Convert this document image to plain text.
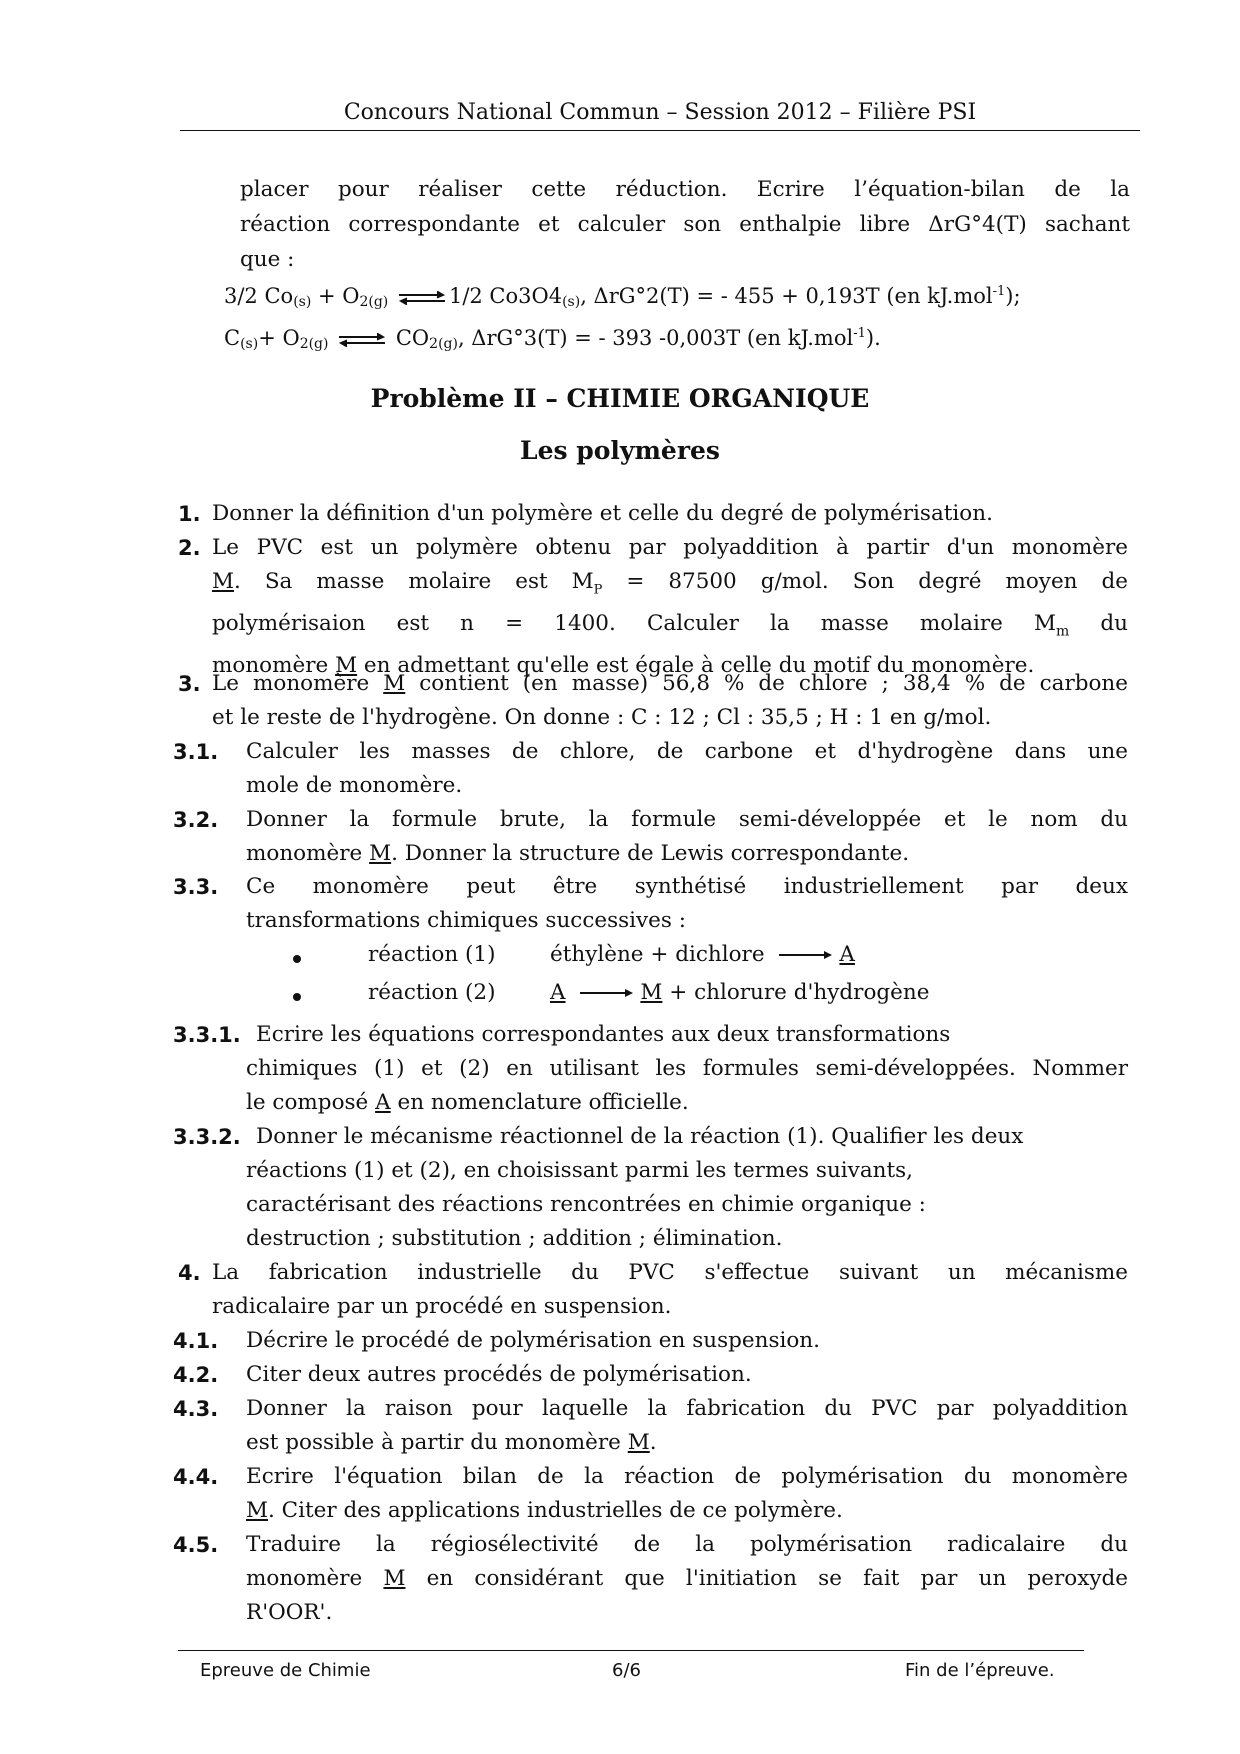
Concours National Commun – Session 2012 – Filière PSI
placer pour réaliser cette réduction. Ecrire l’équation-bilan de la
réaction correspondante et calculer son enthalpie libre ΔrG°4(T) sachant
que :
3/2 $Co_{(s)} + O_{2(g)}$ ⇌ 1/2 $Co3O4_{(s)}$, ΔrG°2(T) = - 455 + 0,193T (en kJ.mol$^{-1}$);
$C_{(s)}+ O_{2(g)}$ ⇌ $CO_{2(g)}$, ΔrG°3(T) = - 393 -0,003T (en kJ.mol$^{-1}$).
Problème II – CHIMIE ORGANIQUE
Les polymères
1. Donner la définition d'un polymère et celle du degré de polymérisation.
2. Le PVC est un polymère obtenu par polyaddition à partir d'un monomère
M. Sa masse molaire est $M_P = 87500$ g/mol. Son degré moyen de
polymérisaion est n = 1400. Calculer la masse molaire $M_m$ du
monomère M en admettant qu'elle est égale à celle du motif du monomère.
3. Le monomère M contient (en masse) 56,8 % de chlore ; 38,4 % de carbone
et le reste de l'hydrogène. On donne : C : 12 ; Cl : 35,5 ; H : 1 en g/mol.
3.1. Calculer les masses de chlore, de carbone et d'hydrogène dans une
mole de monomère.
3.2. Donner la formule brute, la formule semi-développée et le nom du
monomère M. Donner la structure de Lewis correspondante.
3.3. Ce monomère peut être synthétisé industriellement par deux
transformations chimiques successives :
réaction (1)	éthylène + dichlore → A
réaction (2)	A → M + chlorure d'hydrogène
3.3.1. Ecrire les équations correspondantes aux deux transformations
chimiques (1) et (2) en utilisant les formules semi-développées. Nommer
le composé A en nomenclature officielle.
3.3.2. Donner le mécanisme réactionnel de la réaction (1). Qualifier les deux
réactions (1) et (2), en choisissant parmi les termes suivants,
caractérisant des réactions rencontrées en chimie organique :
destruction ; substitution ; addition ; élimination.
4. La fabrication industrielle du PVC s'effectue suivant un mécanisme
radicalaire par un procédé en suspension.
4.1. Décrire le procédé de polymérisation en suspension.
4.2. Citer deux autres procédés de polymérisation.
4.3. Donner la raison pour laquelle la fabrication du PVC par polyaddition
est possible à partir du monomère M.
4.4. Ecrire l'équation bilan de la réaction de polymérisation du monomère
M. Citer des applications industrielles de ce polymère.
4.5. Traduire la régiosélectivité de la polymérisation radicalaire du
monomère M en considérant que l'initiation se fait par un peroxyde
R'OOR'.
Epreuve de Chimie	6/6	Fin de l’épreuve.
